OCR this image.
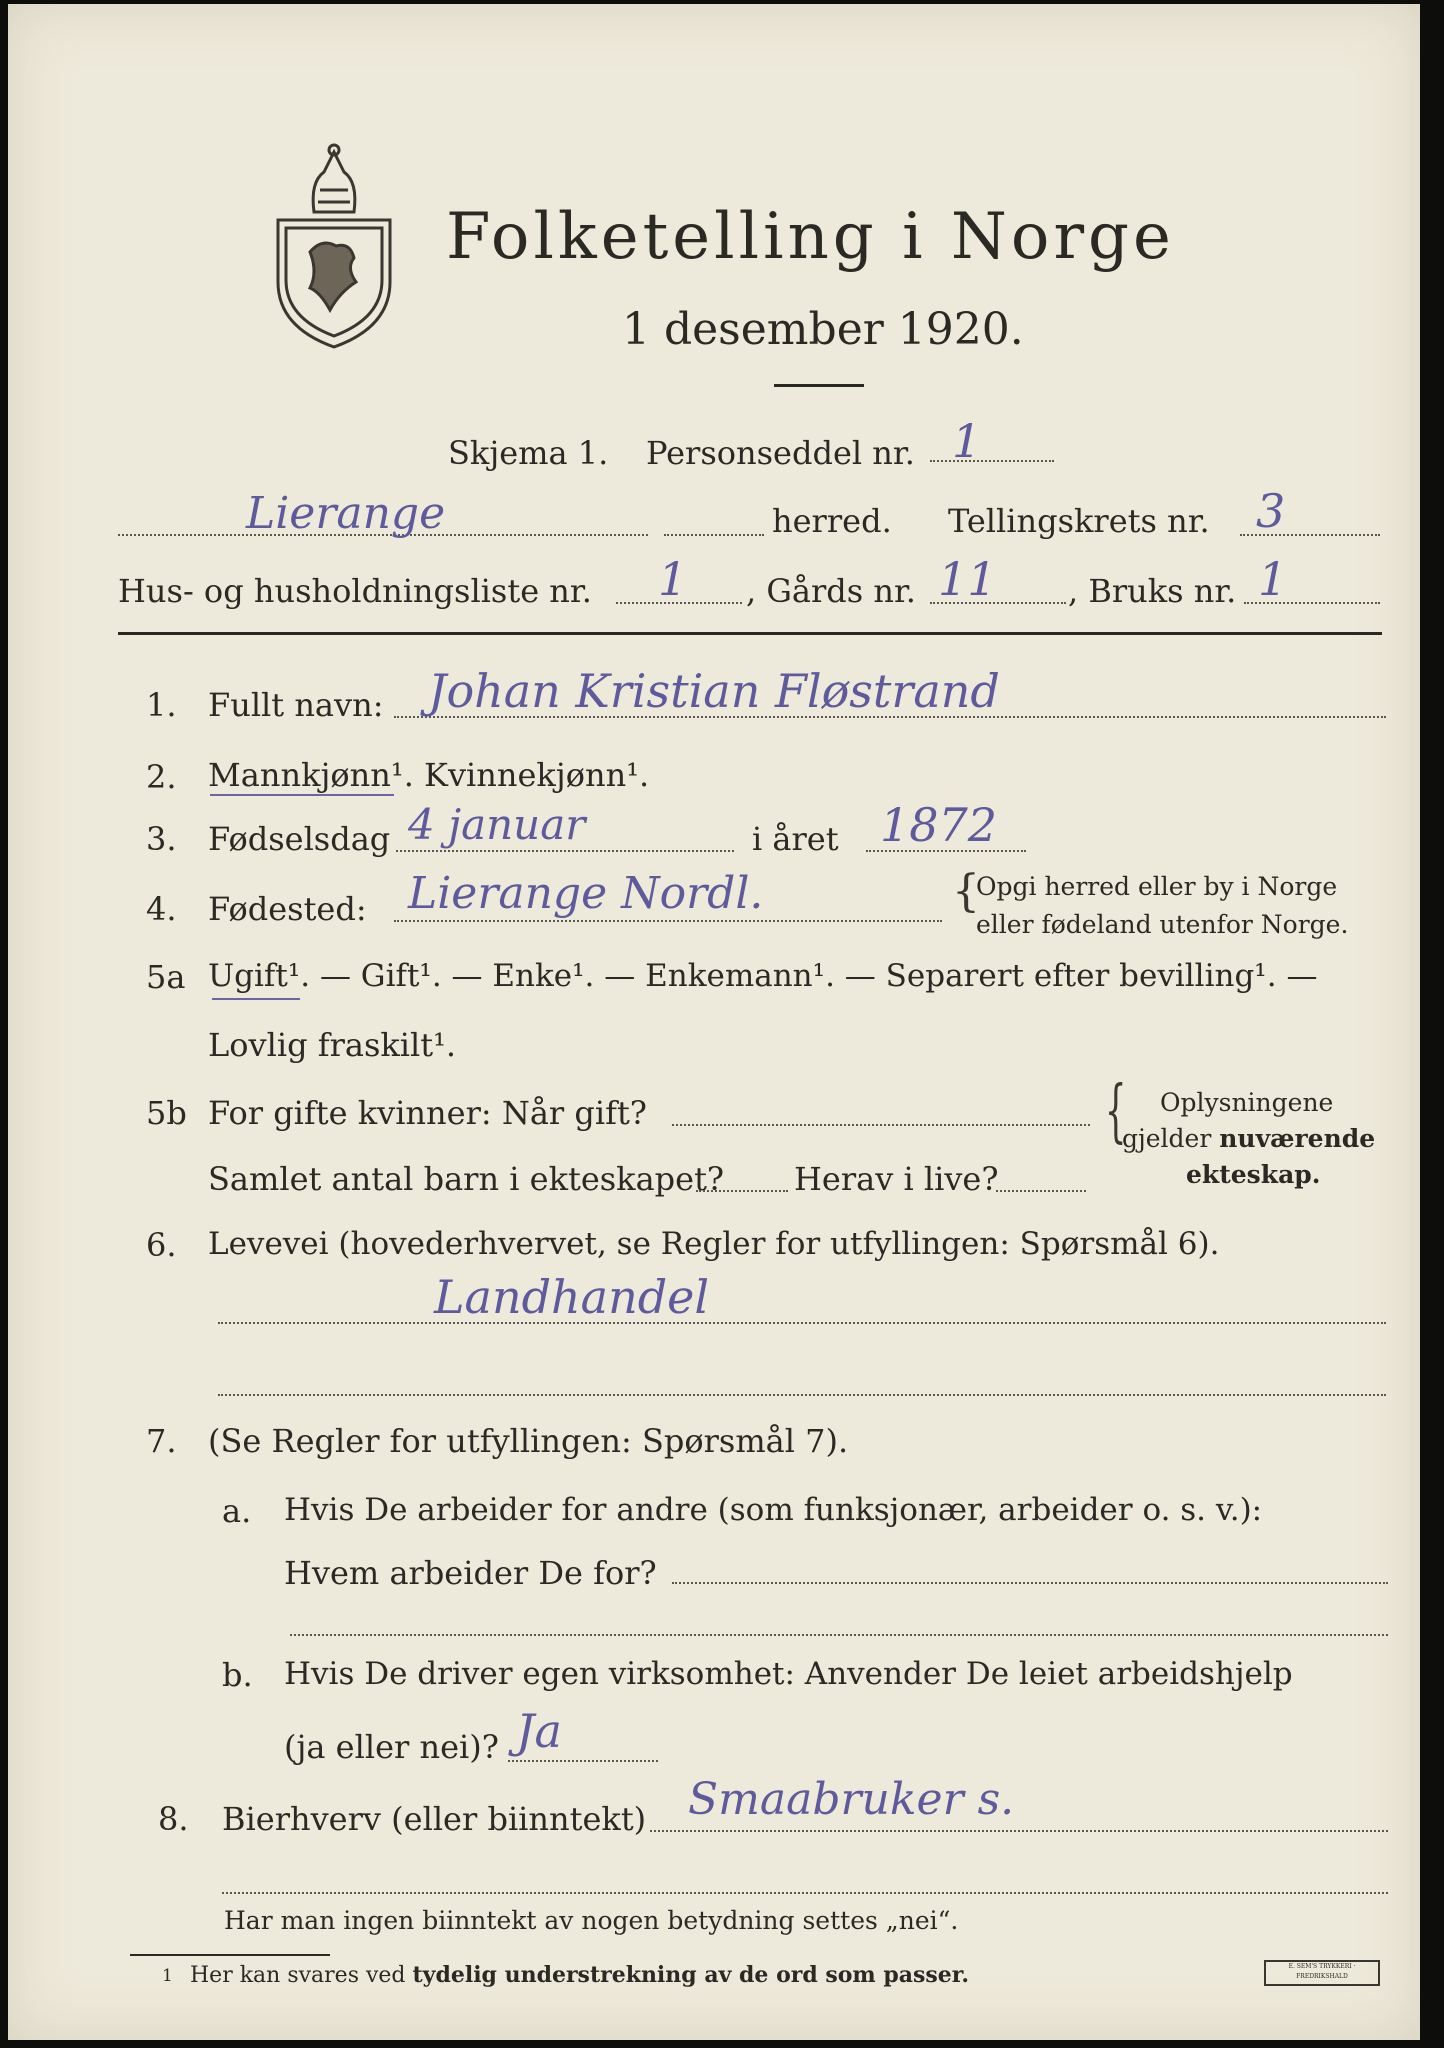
Folketelling i Norge
1 desember 1920.
Skjema 1. Personseddel nr. 1
Lierange	herred. Tellingskrets nr. 3
Hus- og husholdningsliste nr. 1 , Gårds nr. 11 , Bruks nr. 1
1. Fullt navn: Johan Kristian Fløstrand
2. Mannkjønn¹. Kvinnekjønn¹.
3. Fødselsdag 4 januar	i året 1872
4. Fødested: Lierange Nordl.	{
Opgi herred eller by i Norge
eller fødeland utenfor Norge.
5a Ugift¹. — Gift¹. — Enke¹. — Enkemann¹. — Separert efter bevilling¹. —
Lovlig fraskilt¹.
5b For gifte kvinner: Når gift?
Samlet antal barn i ekteskapet? Herav i live?
{ Oplysningene
gjelder nuværende
ekteskap.
6. Levevei (hovederhvervet, se Regler for utfyllingen: Spørsmål 6).
Landhandel
7. (Se Regler for utfyllingen: Spørsmål 7).
a. Hvis De arbeider for andre (som funksjonær, arbeider o. s. v.):
Hvem arbeider De for?
b. Hvis De driver egen virksomhet: Anvender De leiet arbeidshjelp
(ja eller nei)? Ja
8. Bierhverv (eller biinntekt) Smaabruker s.
Har man ingen biinntekt av nogen betydning settes „nei“.
1 Her kan svares ved tydelig understrekning av de ord som passer.	E. SEM'S TRYKKERI · FREDRIKSHALD
